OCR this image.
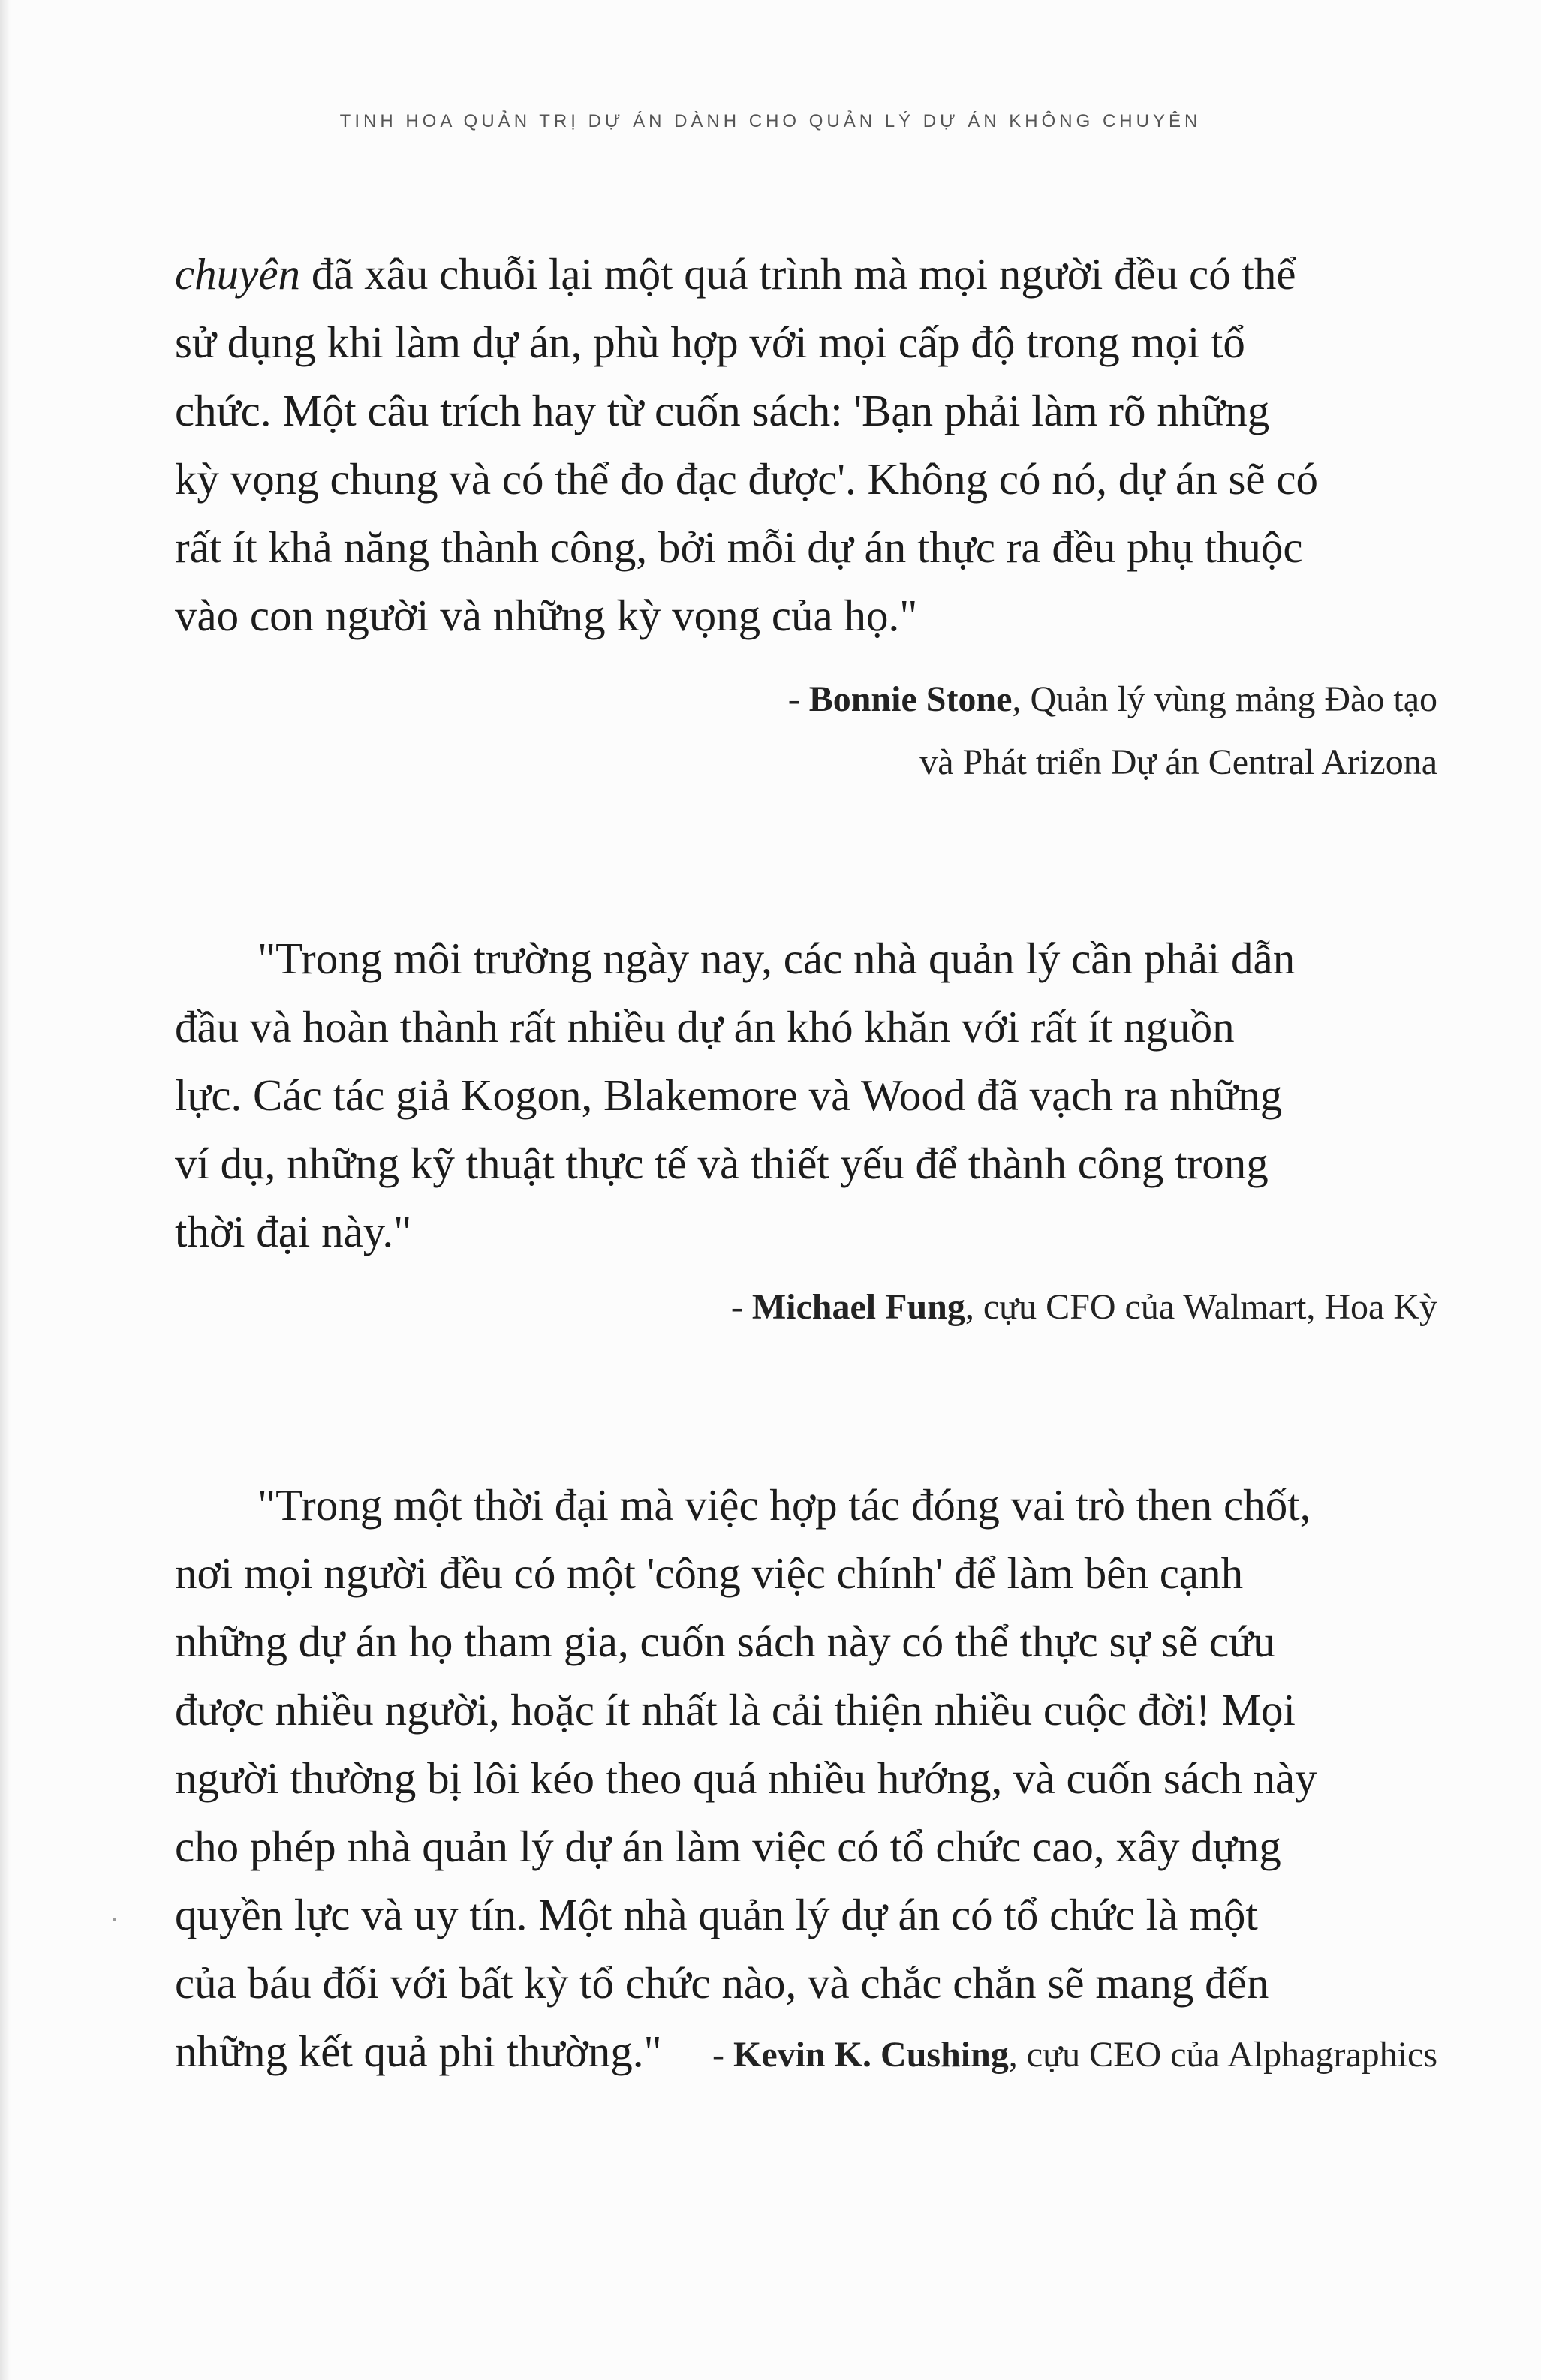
TINH HOA QUẢN TRỊ DỰ ÁN DÀNH CHO QUẢN LÝ DỰ ÁN KHÔNG CHUYÊN
chuyên đã xâu chuỗi lại một quá trình mà mọi người đều có thể
sử dụng khi làm dự án, phù hợp với mọi cấp độ trong mọi tổ
chức. Một câu trích hay từ cuốn sách: 'Bạn phải làm rõ những
kỳ vọng chung và có thể đo đạc được'. Không có nó, dự án sẽ có
rất ít khả năng thành công, bởi mỗi dự án thực ra đều phụ thuộc
vào con người và những kỳ vọng của họ."
- Bonnie Stone, Quản lý vùng mảng Đào tạo
và Phát triển Dự án Central Arizona
"Trong môi trường ngày nay, các nhà quản lý cần phải dẫn
đầu và hoàn thành rất nhiều dự án khó khăn với rất ít nguồn
lực. Các tác giả Kogon, Blakemore và Wood đã vạch ra những
ví dụ, những kỹ thuật thực tế và thiết yếu để thành công trong
thời đại này."
- Michael Fung, cựu CFO của Walmart, Hoa Kỳ
"Trong một thời đại mà việc hợp tác đóng vai trò then chốt,
nơi mọi người đều có một 'công việc chính' để làm bên cạnh
những dự án họ tham gia, cuốn sách này có thể thực sự sẽ cứu
được nhiều người, hoặc ít nhất là cải thiện nhiều cuộc đời! Mọi
người thường bị lôi kéo theo quá nhiều hướng, và cuốn sách này
cho phép nhà quản lý dự án làm việc có tổ chức cao, xây dựng
quyền lực và uy tín. Một nhà quản lý dự án có tổ chức là một
của báu đối với bất kỳ tổ chức nào, và chắc chắn sẽ mang đến
những kết quả phi thường."	- Kevin K. Cushing, cựu CEO của Alphagraphics
